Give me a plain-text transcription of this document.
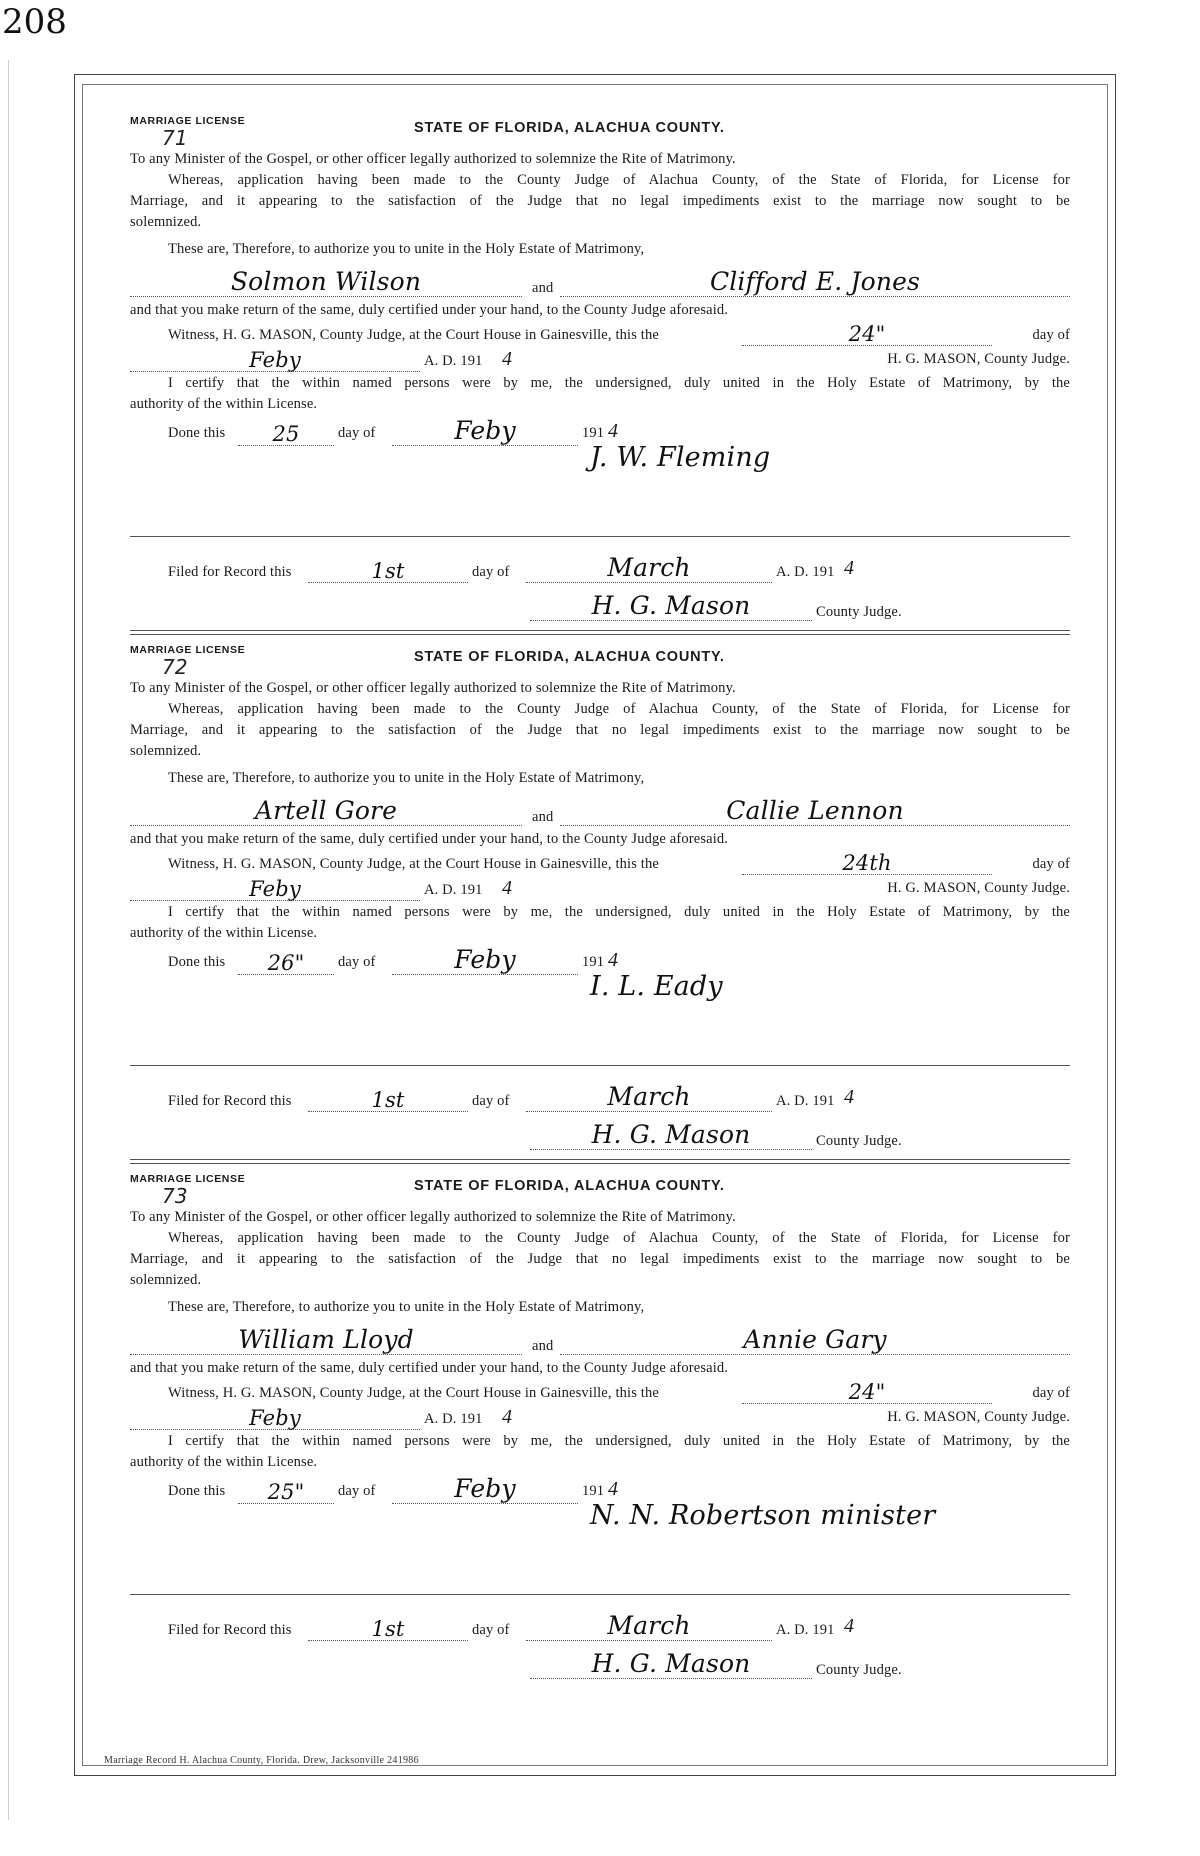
208
MARRIAGE LICENSE
71	STATE OF FLORIDA, ALACHUA COUNTY.
To any Minister of the Gospel, or other officer legally authorized to solemnize the Rite of Matrimony.
Whereas, application having been made to the County Judge of Alachua County, of the State of Florida, for License for
Marriage, and it appearing to the satisfaction of the Judge that no legal impediments exist to the marriage now sought to be
solemnized.
These are, Therefore, to authorize you to unite in the Holy Estate of Matrimony,
Solmon Wilson	and	Clifford E. Jones
and that you make return of the same, duly certified under your hand, to the County Judge aforesaid.
Witness, H. G. MASON, County Judge, at the Court House in Gainesville, this the	24"	day of
Feby	A. D. 191 4	H. G. MASON, County Judge.
I certify that the within named persons were by me, the undersigned, duly united in the Holy Estate of Matrimony, by the
authority of the within License.
Done this	25	day of	Feby	191 4
J. W. Fleming
Filed for Record this	1st	day of	March	A. D. 191 4
H. G. Mason	County Judge.
MARRIAGE LICENSE
72	STATE OF FLORIDA, ALACHUA COUNTY.
To any Minister of the Gospel, or other officer legally authorized to solemnize the Rite of Matrimony.
Whereas, application having been made to the County Judge of Alachua County, of the State of Florida, for License for
Marriage, and it appearing to the satisfaction of the Judge that no legal impediments exist to the marriage now sought to be
solemnized.
These are, Therefore, to authorize you to unite in the Holy Estate of Matrimony,
Artell Gore	and	Callie Lennon
and that you make return of the same, duly certified under your hand, to the County Judge aforesaid.
Witness, H. G. MASON, County Judge, at the Court House in Gainesville, this the	24th	day of
Feby	A. D. 191 4	H. G. MASON, County Judge.
I certify that the within named persons were by me, the undersigned, duly united in the Holy Estate of Matrimony, by the
authority of the within License.
Done this	26"	day of	Feby	191 4
I. L. Eady
Filed for Record this	1st	day of	March	A. D. 191 4
H. G. Mason	County Judge.
MARRIAGE LICENSE
73	STATE OF FLORIDA, ALACHUA COUNTY.
To any Minister of the Gospel, or other officer legally authorized to solemnize the Rite of Matrimony.
Whereas, application having been made to the County Judge of Alachua County, of the State of Florida, for License for
Marriage, and it appearing to the satisfaction of the Judge that no legal impediments exist to the marriage now sought to be
solemnized.
These are, Therefore, to authorize you to unite in the Holy Estate of Matrimony,
William Lloyd	and	Annie Gary
and that you make return of the same, duly certified under your hand, to the County Judge aforesaid.
Witness, H. G. MASON, County Judge, at the Court House in Gainesville, this the	24"	day of
Feby	A. D. 191 4	H. G. MASON, County Judge.
I certify that the within named persons were by me, the undersigned, duly united in the Holy Estate of Matrimony, by the
authority of the within License.
Done this	25"	day of	Feby	191 4
N. N. Robertson minister
Filed for Record this	1st	day of	March	A. D. 191 4
H. G. Mason	County Judge.
Marriage Record H. Alachua County, Florida. Drew, Jacksonville 241986
